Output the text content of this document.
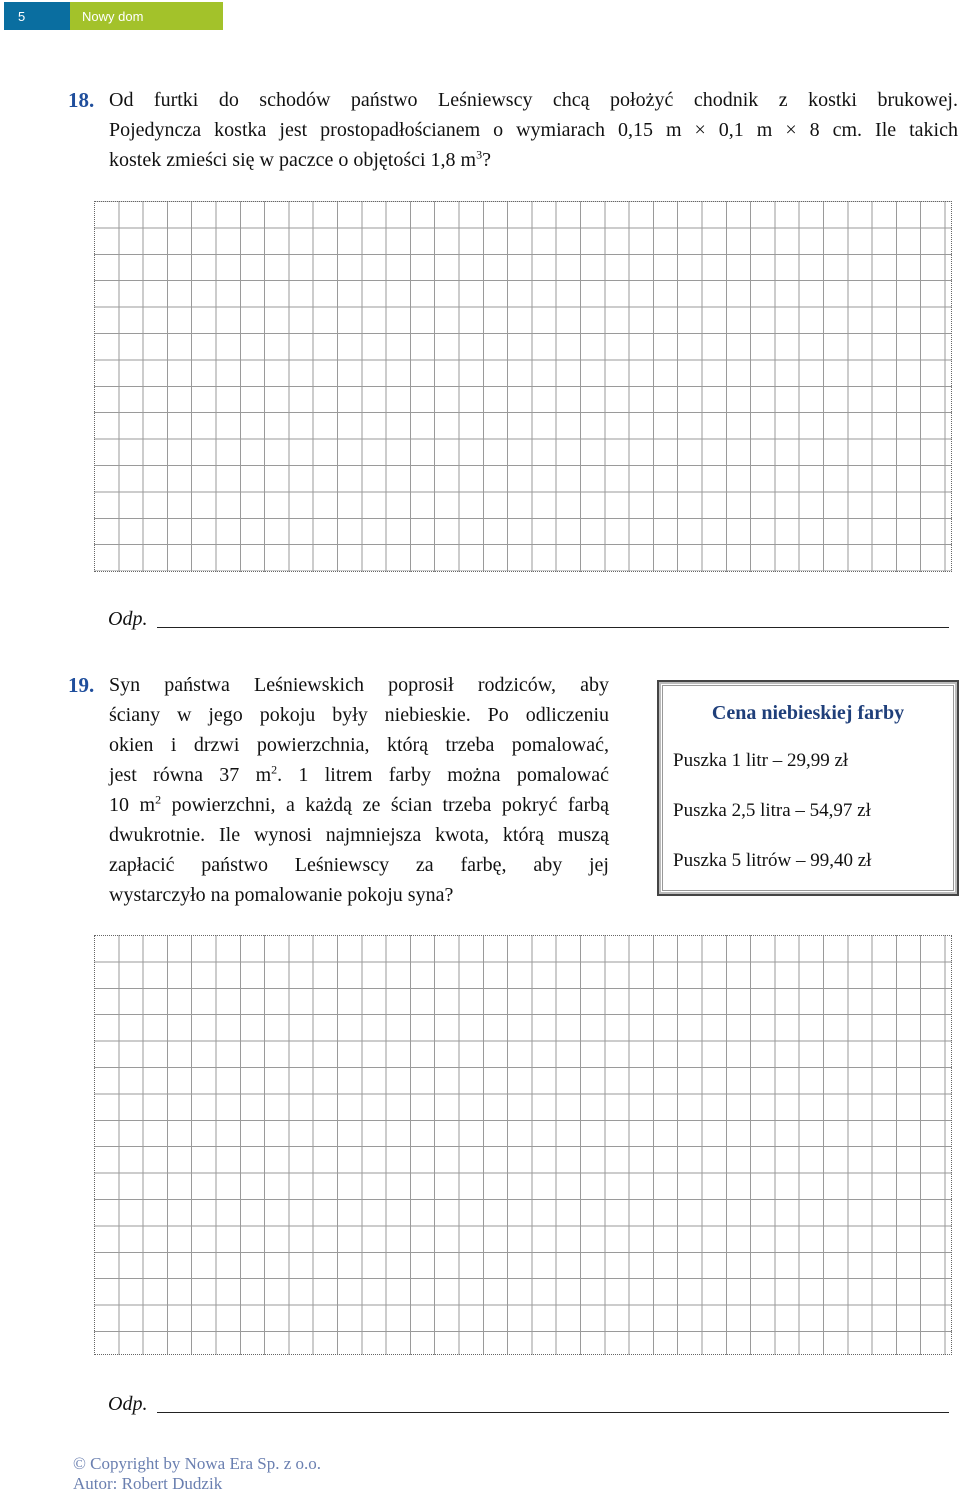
5	Nowy dom
18. Od furtki do schodów państwo Leśniewscy chcą położyć chodnik z kostki brukowej.
Pojedyncza kostka jest prostopadłościanem o wymiarach 0,15 m × 0,1 m × 8 cm. Ile takich
kostek zmieści się w paczce o objętości 1,8 $m^3$?
Odp.
19. Syn państwa Leśniewskich poprosił rodziców, aby
ściany w jego pokoju były niebieskie. Po odliczeniu
okien i drzwi powierzchnia, którą trzeba pomalować,
jest równa 37 $m^2$. 1 litrem farby można pomalować
10 $m^2$ powierzchni, a każdą ze ścian trzeba pokryć farbą
dwukrotnie. Ile wynosi najmniejsza kwota, którą muszą
zapłacić państwo Leśniewscy za farbę, aby jej
wystarczyło na pomalowanie pokoju syna?
Cena niebieskiej farby
Puszka 1 litr – 29,99 zł
Puszka 2,5 litra – 54,97 zł
Puszka 5 litrów – 99,40 zł
Odp.
© Copyright by Nowa Era Sp. z o.o.
Autor: Robert Dudzik
